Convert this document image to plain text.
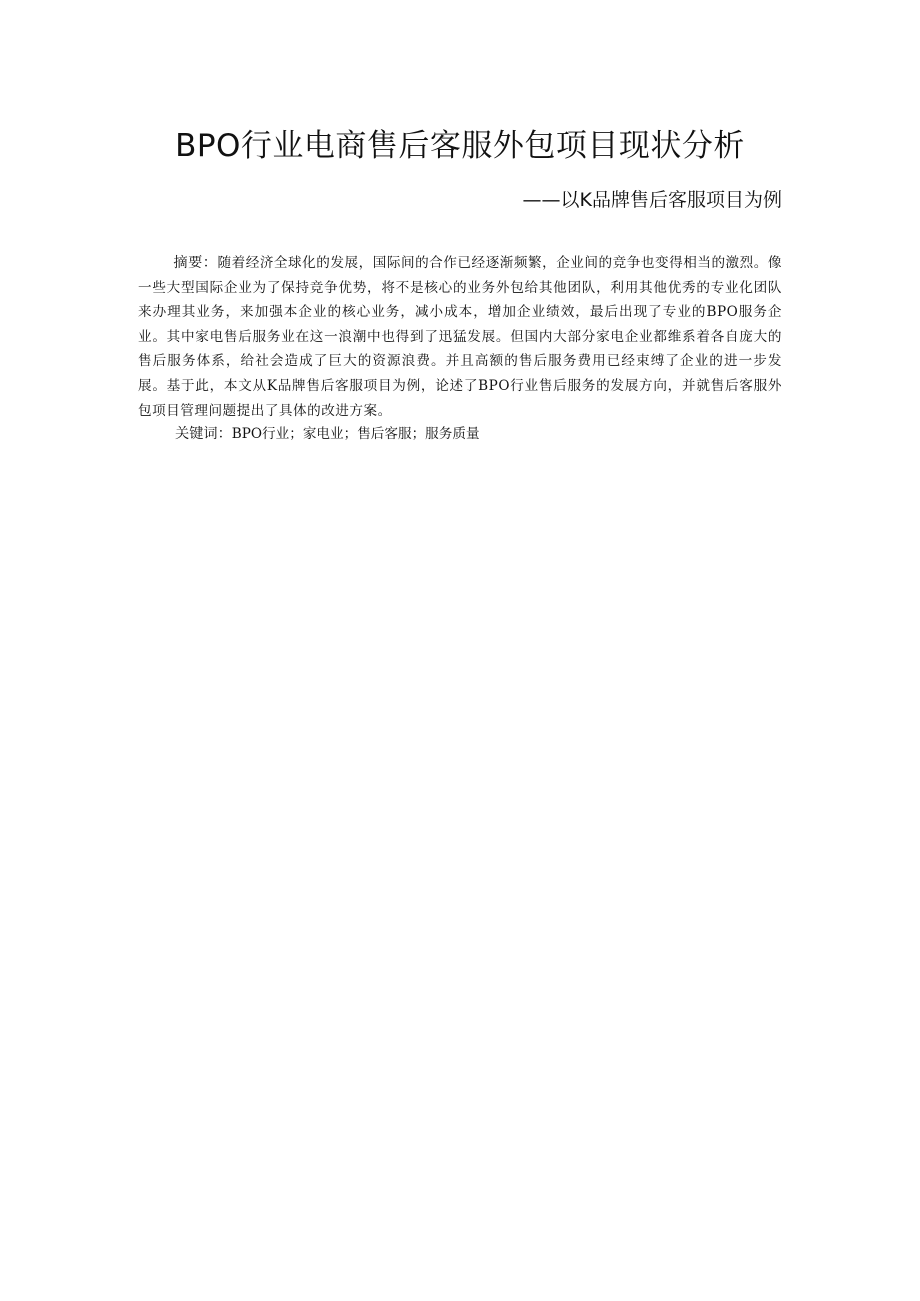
BPO行业电商售后客服外包项目现状分析
——以K品牌售后客服项目为例

摘要：随着经济全球化的发展，国际间的合作已经逐渐频繁，企业间的竞争也变得相当的激烈。像一些大型国际企业为了保持竞争优势，将不是核心的业务外包给其他团队，利用其他优秀的专业化团队来办理其业务，来加强本企业的核心业务，减小成本，增加企业绩效，最后出现了专业的BPO服务企业。其中家电售后服务业在这一浪潮中也得到了迅猛发展。但国内大部分家电企业都维系着各自庞大的售后服务体系，给社会造成了巨大的资源浪费。并且高额的售后服务费用已经束缚了企业的进一步发展。基于此，本文从K品牌售后客服项目为例，论述了BPO行业售后服务的发展方向，并就售后客服外包项目管理问题提出了具体的改进方案。

关键词：BPO行业；家电业；售后客服；服务质量
